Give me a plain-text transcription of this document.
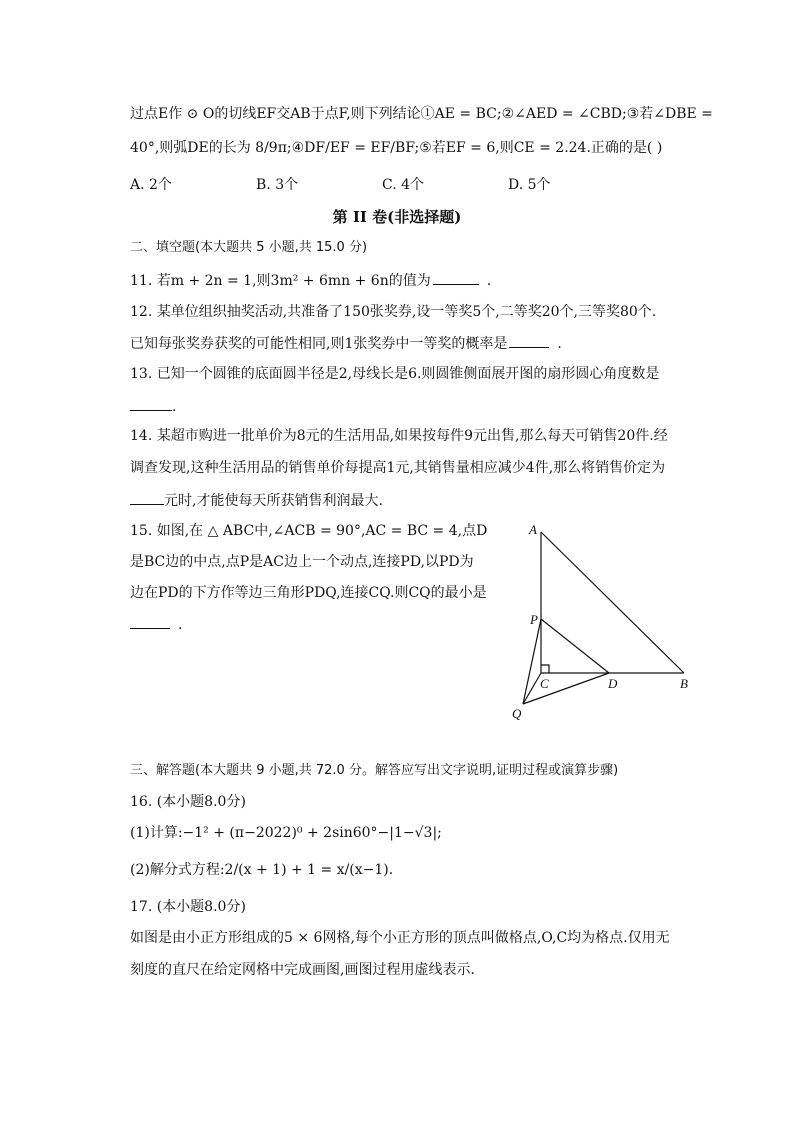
过点E作 ⊙ O的切线EF交AB于点F,则下列结论①AE = BC;②∠AED = ∠CBD;③若∠DBE =
40°,则弧DE的长为 8/9π;④DF/EF = EF/BF;⑤若EF = 6,则CE = 2.24.正确的是( )
A. 2个	B. 3个	C. 4个	D. 5个
第 II 卷(非选择题)
二、填空题(本大题共 5 小题,共 15.0 分)
11. 若m + 2n = 1,则3m² + 6mn + 6n的值为	.
12. 某单位组织抽奖活动,共准备了150张奖券,设一等奖5个,二等奖20个,三等奖80个.
已知每张奖券获奖的可能性相同,则1张奖券中一等奖的概率是	.
13. 已知一个圆锥的底面圆半径是2,母线长是6.则圆锥侧面展开图的扇形圆心角度数是
.
14. 某超市购进一批单价为8元的生活用品,如果按每件9元出售,那么每天可销售20件.经
调查发现,这种生活用品的销售单价每提高1元,其销售量相应减少4件,那么将销售价定为
元时,才能使每天所获销售利润最大.
15. 如图,在 △ ABC中,∠ACB = 90°,AC = BC = 4,点D
是BC边的中点,点P是AC边上一个动点,连接PD,以PD为
边在PD的下方作等边三角形PDQ,连接CQ.则CQ的最小是
.
A
P
C	D	B
Q
三、解答题(本大题共 9 小题,共 72.0 分。解答应写出文字说明,证明过程或演算步骤)
16. (本小题8.0分)
(1)计算:−1² + (π−2022)⁰ + 2sin60°−|1−√3|;
(2)解分式方程:2/(x + 1) + 1 = x/(x−1).
17. (本小题8.0分)
如图是由小正方形组成的5 × 6网格,每个小正方形的顶点叫做格点,O,C均为格点.仅用无
刻度的直尺在给定网格中完成画图,画图过程用虚线表示.
